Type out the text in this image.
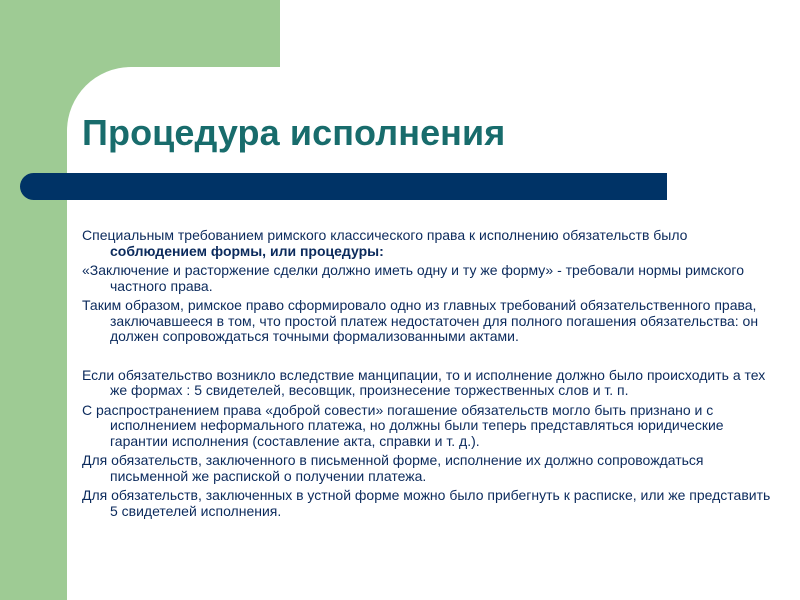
Процедура исполнения

Специальным требованием римского классического права к исполнению обязательств было соблюдением формы, или процедуры:

«Заключение и расторжение сделки должно иметь одну и ту же форму» - требовали нормы римского частного права.

Таким образом, римское право сформировало одно из главных требований обязательственного права, заключавшееся в том, что простой платеж недостаточен для полного погашения обязательства: он должен сопровождаться точными формализованными актами.

Если обязательство возникло вследствие манципации, то и исполнение должно было происходить а тех же формах : 5 свидетелей, весовщик, произнесение торжественных слов и т. п.

С распространением права «доброй совести» погашение обязательств могло быть признано и с исполнением неформального платежа, но должны были теперь представляться юридические гарантии исполнения (составление акта, справки и т. д.).

Для обязательств, заключенного в письменной форме, исполнение их должно сопровождаться письменной же распиской о получении платежа.

Для обязательств, заключенных в устной форме можно было прибегнуть к расписке, или же представить 5 свидетелей исполнения.
